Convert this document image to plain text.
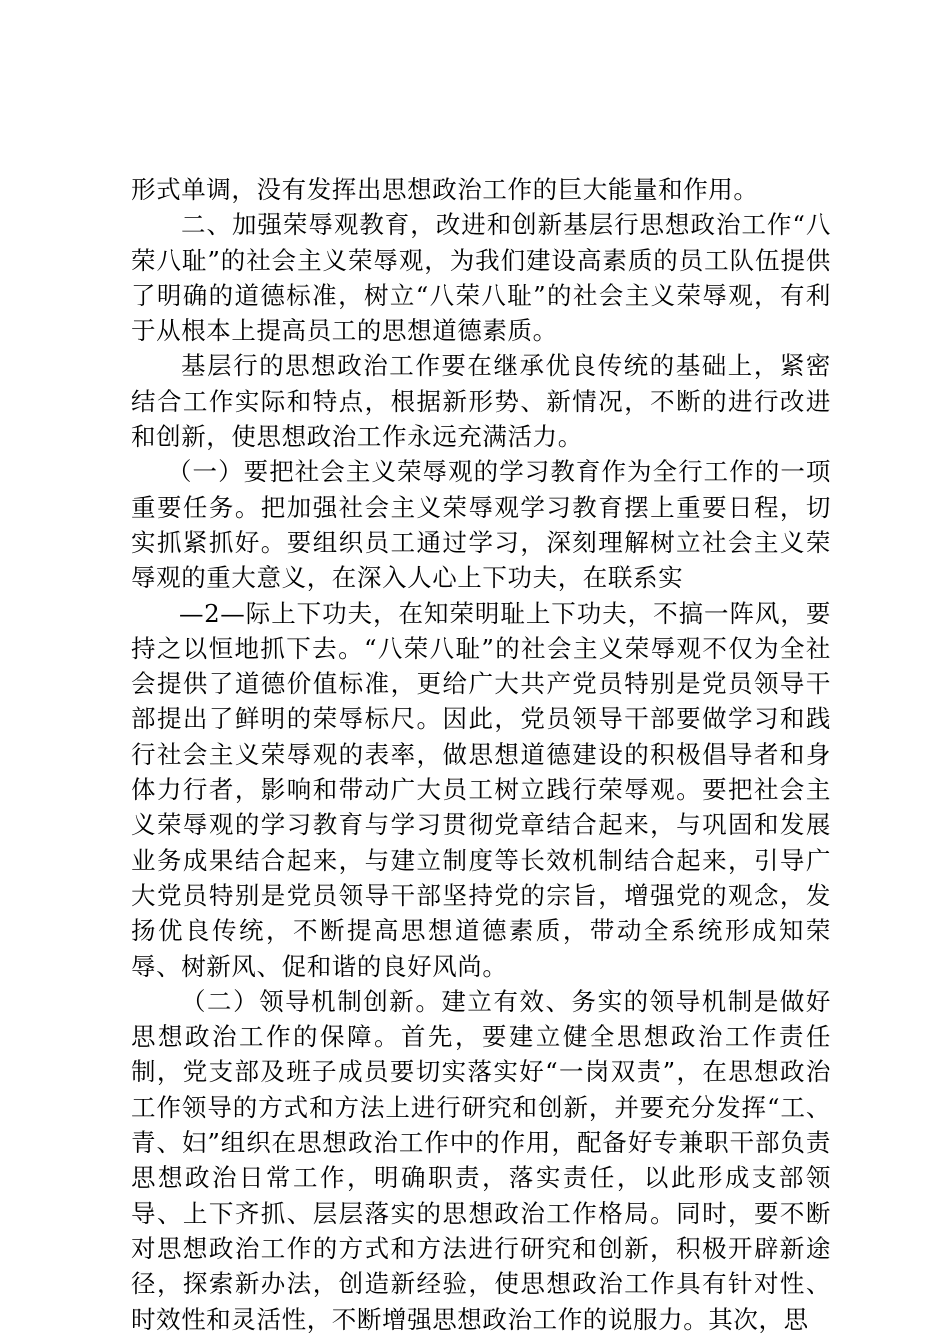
形式单调，没有发挥出思想政治工作的巨大能量和作用。

二、加强荣辱观教育，改进和创新基层行思想政治工作“八荣八耻”的社会主义荣辱观，为我们建设高素质的员工队伍提供了明确的道德标准，树立“八荣八耻”的社会主义荣辱观，有利于从根本上提高员工的思想道德素质。

基层行的思想政治工作要在继承优良传统的基础上，紧密结合工作实际和特点，根据新形势、新情况，不断的进行改进和创新，使思想政治工作永远充满活力。

（一）要把社会主义荣辱观的学习教育作为全行工作的一项重要任务。把加强社会主义荣辱观学习教育摆上重要日程，切实抓紧抓好。要组织员工通过学习，深刻理解树立社会主义荣辱观的重大意义，在深入人心上下功夫，在联系实

—2—际上下功夫，在知荣明耻上下功夫，不搞一阵风，要持之以恒地抓下去。“八荣八耻”的社会主义荣辱观不仅为全社会提供了道德价值标准，更给广大共产党员特别是党员领导干部提出了鲜明的荣辱标尺。因此，党员领导干部要做学习和践行社会主义荣辱观的表率，做思想道德建设的积极倡导者和身体力行者，影响和带动广大员工树立践行荣辱观。要把社会主义荣辱观的学习教育与学习贯彻党章结合起来，与巩固和发展业务成果结合起来，与建立制度等长效机制结合起来，引导广大党员特别是党员领导干部坚持党的宗旨，增强党的观念，发扬优良传统，不断提高思想道德素质，带动全系统形成知荣辱、树新风、促和谐的良好风尚。

（二）领导机制创新。建立有效、务实的领导机制是做好思想政治工作的保障。首先，要建立健全思想政治工作责任制，党支部及班子成员要切实落实好“一岗双责”，在思想政治工作领导的方式和方法上进行研究和创新，并要充分发挥“工、青、妇”组织在思想政治工作中的作用，配备好专兼职干部负责思想政治日常工作，明确职责，落实责任，以此形成支部领导、上下齐抓、层层落实的思想政治工作格局。同时，要不断对思想政治工作的方式和方法进行研究和创新，积极开辟新途径，探索新办法，创造新经验，使思想政治工作具有针对性、时效性和灵活性，不断增强思想政治工作的说服力。其次，思
